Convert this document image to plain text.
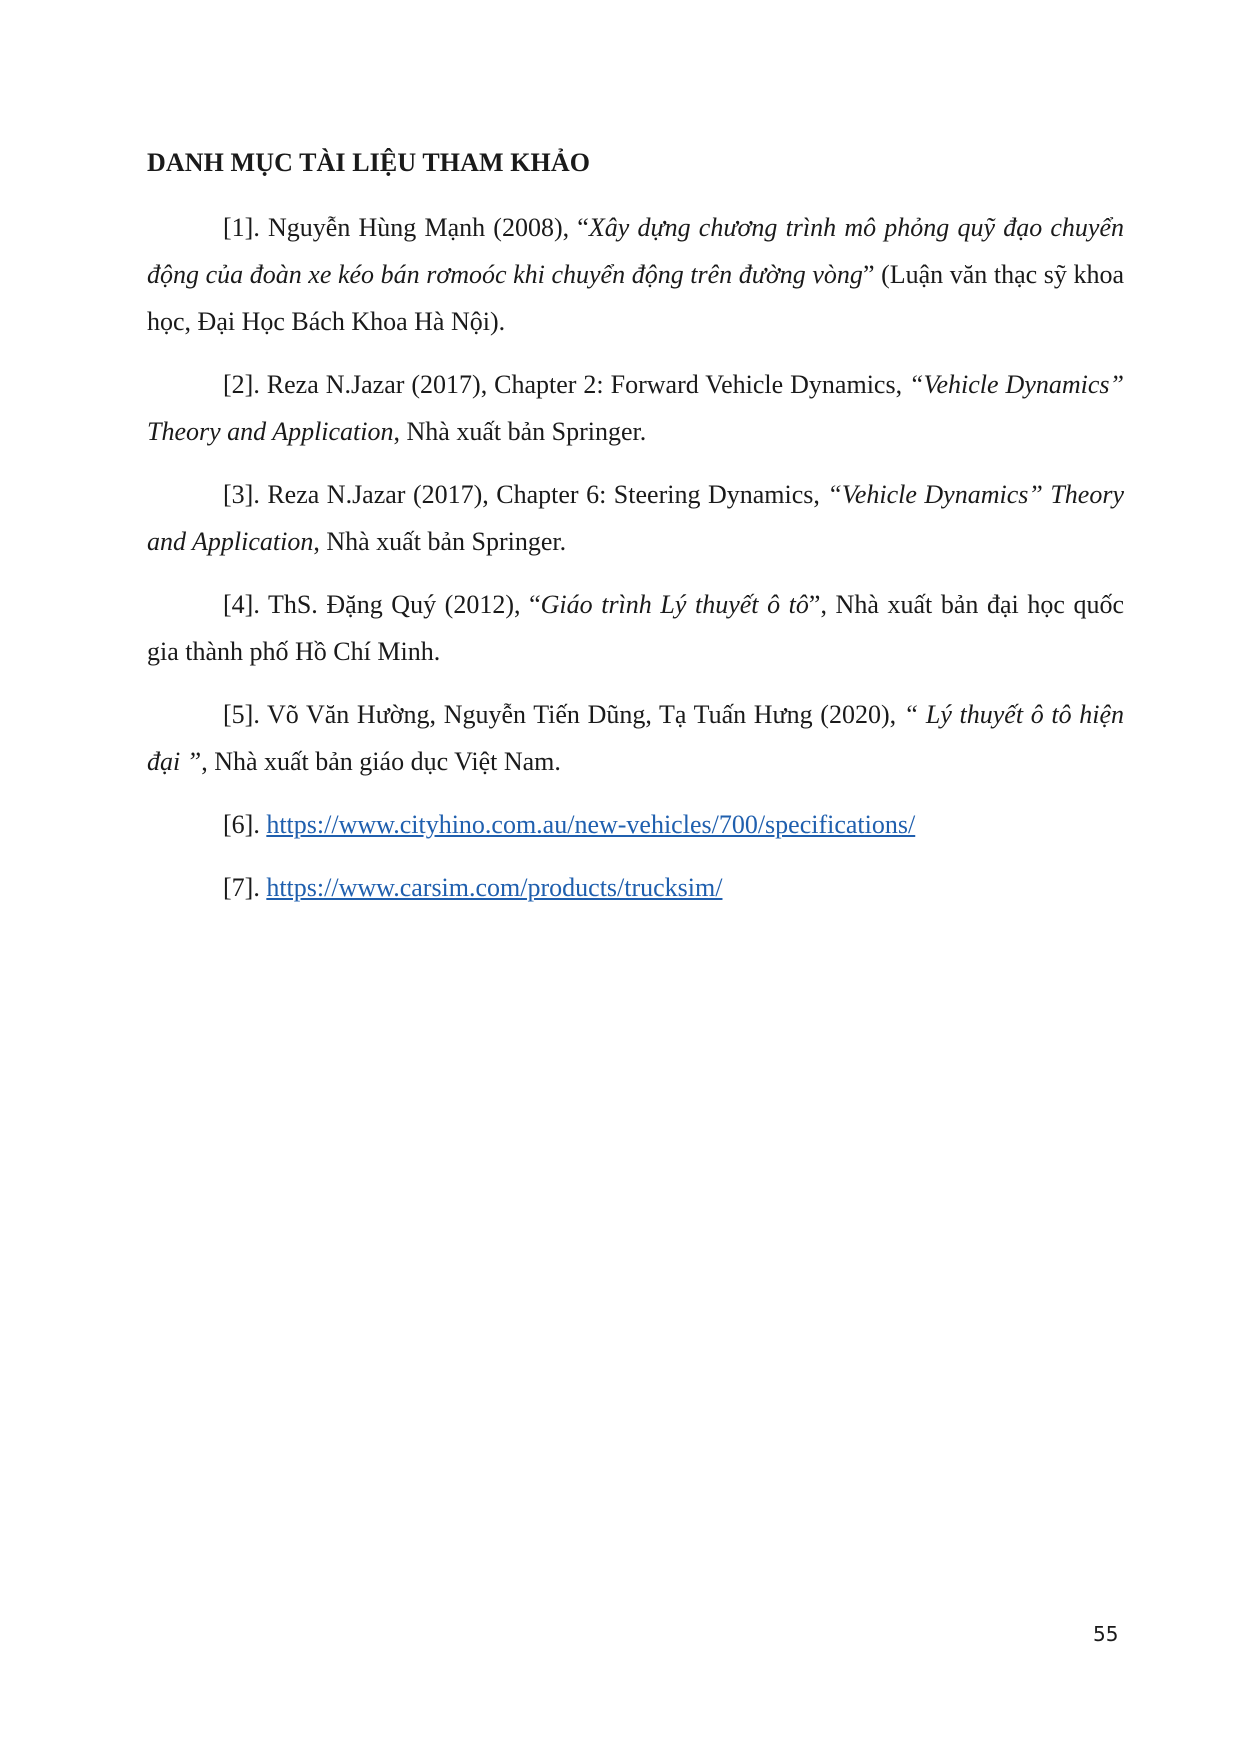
DANH MỤC TÀI LIỆU THAM KHẢO

[1]. Nguyễn Hùng Mạnh (2008), “Xây dựng chương trình mô phỏng quỹ đạo chuyển động của đoàn xe kéo bán rơmoóc khi chuyển động trên đường vòng” (Luận văn thạc sỹ khoa học, Đại Học Bách Khoa Hà Nội).

[2]. Reza N.Jazar (2017), Chapter 2: Forward Vehicle Dynamics, “Vehicle Dynamics” Theory and Application, Nhà xuất bản Springer.

[3]. Reza N.Jazar (2017), Chapter 6: Steering Dynamics, “Vehicle Dynamics” Theory and Application, Nhà xuất bản Springer.

[4]. ThS. Đặng Quý (2012), “Giáo trình Lý thuyết ô tô”, Nhà xuất bản đại học quốc gia thành phố Hồ Chí Minh.

[5]. Võ Văn Hường, Nguyễn Tiến Dũng, Tạ Tuấn Hưng (2020), “ Lý thuyết ô tô hiện đại ”, Nhà xuất bản giáo dục Việt Nam.

[6]. https://www.cityhino.com.au/new-vehicles/700/specifications/

[7]. https://www.carsim.com/products/trucksim/

55
